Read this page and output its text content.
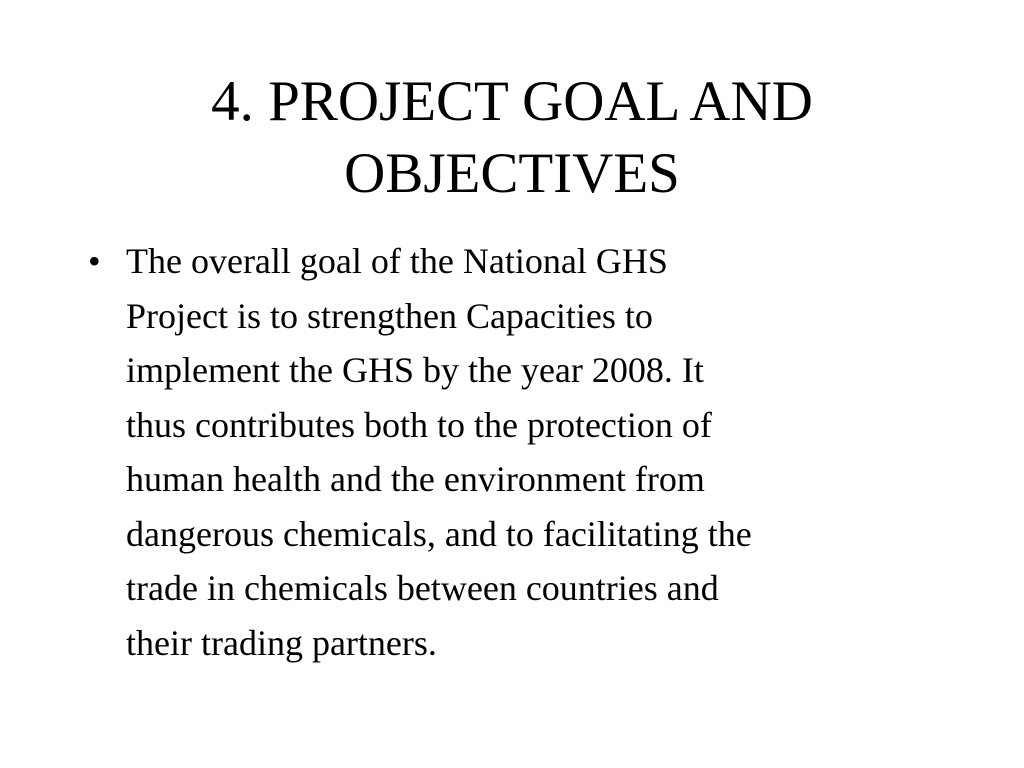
4. PROJECT GOAL AND
OBJECTIVES
• The overall goal of the National GHS
Project is to strengthen Capacities to
implement the GHS by the year 2008. It
thus contributes both to the protection of
human health and the environment from
dangerous chemicals, and to facilitating the
trade in chemicals between countries and
their trading partners.
